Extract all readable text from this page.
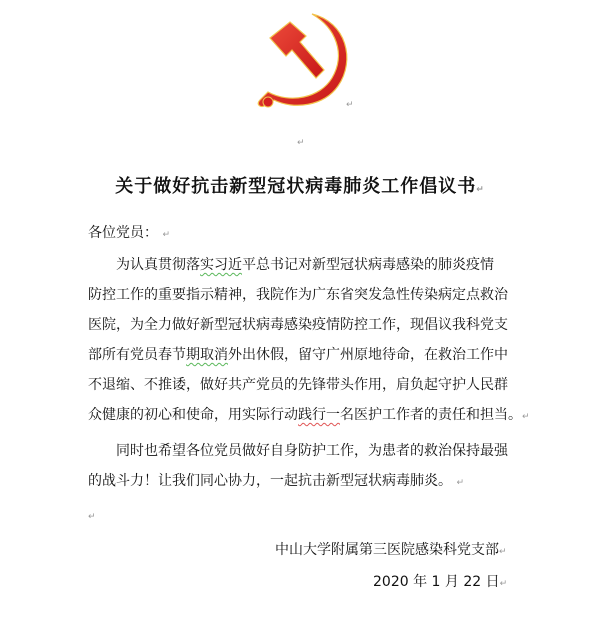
↵
↵
关于做好抗击新型冠状病毒肺炎工作倡议书↵
各位党员： ↵
为认真贯彻落实习近平总书记对新型冠状病毒感染的肺炎疫情
防控工作的重要指示精神，我院作为广东省突发急性传染病定点救治
医院，为全力做好新型冠状病毒感染疫情防控工作，现倡议我科党支
部所有党员春节期取消外出休假，留守广州原地待命，在救治工作中
不退缩、不推诿，做好共产党员的先锋带头作用，肩负起守护人民群
众健康的初心和使命，用实际行动践行一名医护工作者的责任和担当。↵
同时也希望各位党员做好自身防护工作，为患者的救治保持最强
的战斗力！让我们同心协力，一起抗击新型冠状病毒肺炎。 ↵
↵
中山大学附属第三医院感染科党支部↵
2020 年 1 月 22 日↵
